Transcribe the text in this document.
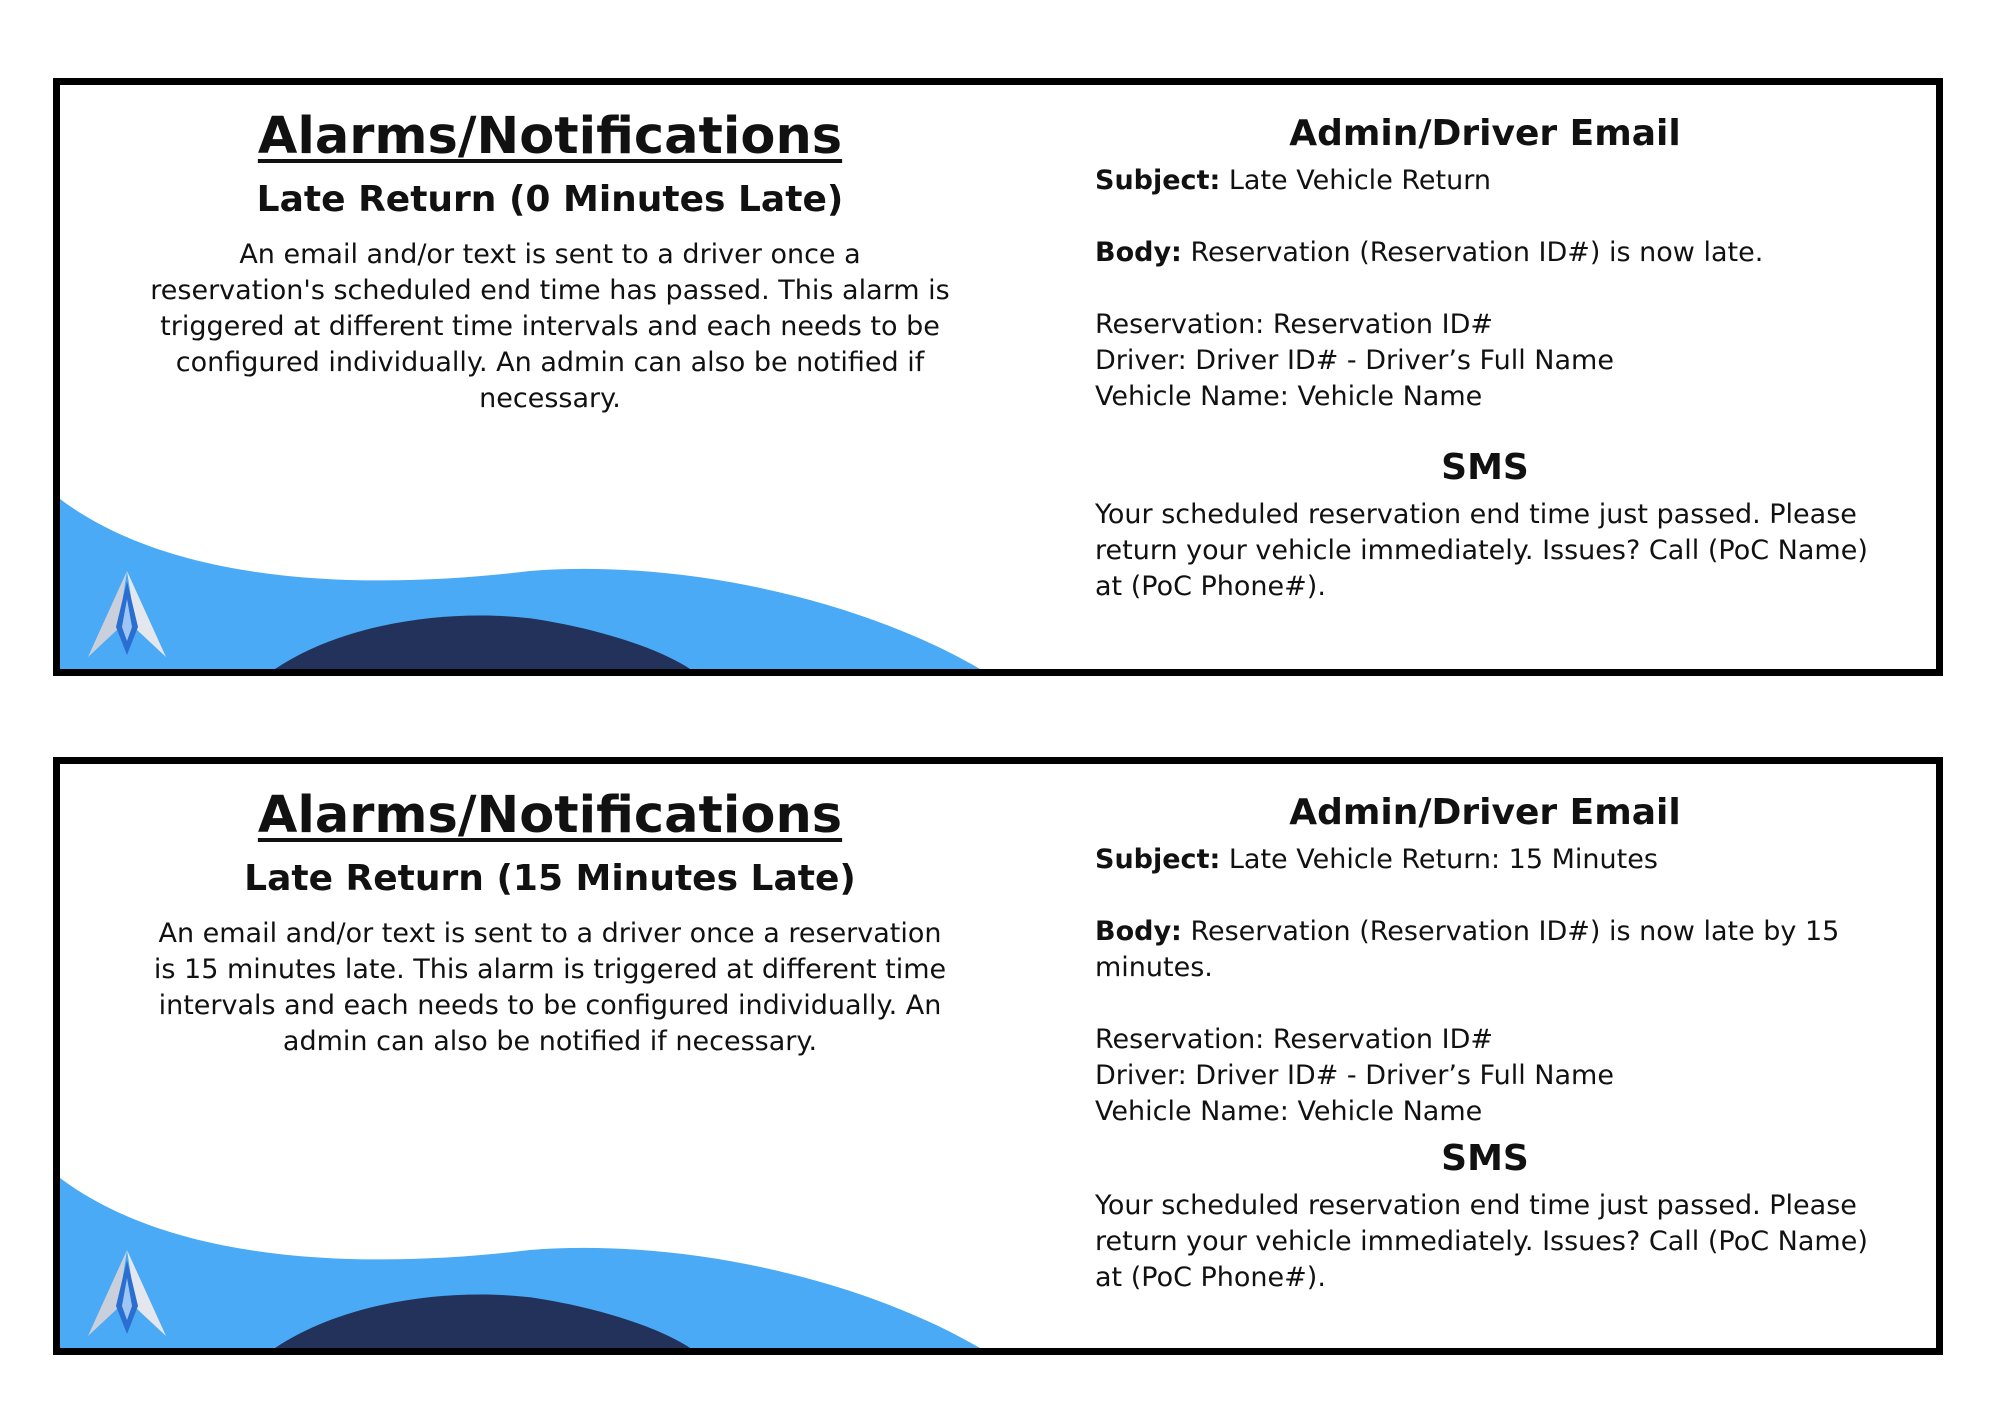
Alarms/Notifications
Late Return (0 Minutes Late)

An email and/or text is sent to a driver once a reservation's scheduled end time has passed. This alarm is triggered at different time intervals and each needs to be configured individually. An admin can also be notified if necessary.

Admin/Driver Email

Subject: Late Vehicle Return

Body: Reservation (Reservation ID#) is now late.

Reservation: Reservation ID#

Driver: Driver ID# - Driver’s Full Name

Vehicle Name: Vehicle Name

SMS

Your scheduled reservation end time just passed. Please return your vehicle immediately. Issues? Call (PoC Name) at (PoC Phone#).

Alarms/Notifications
Late Return (15 Minutes Late)

An email and/or text is sent to a driver once a reservation is 15 minutes late. This alarm is triggered at different time intervals and each needs to be configured individually. An admin can also be notified if necessary.

Admin/Driver Email

Subject: Late Vehicle Return: 15 Minutes

Body: Reservation (Reservation ID#) is now late by 15 minutes.

Reservation: Reservation ID#

Driver: Driver ID# - Driver’s Full Name

Vehicle Name: Vehicle Name

SMS

Your scheduled reservation end time just passed. Please return your vehicle immediately. Issues? Call (PoC Name) at (PoC Phone#).
